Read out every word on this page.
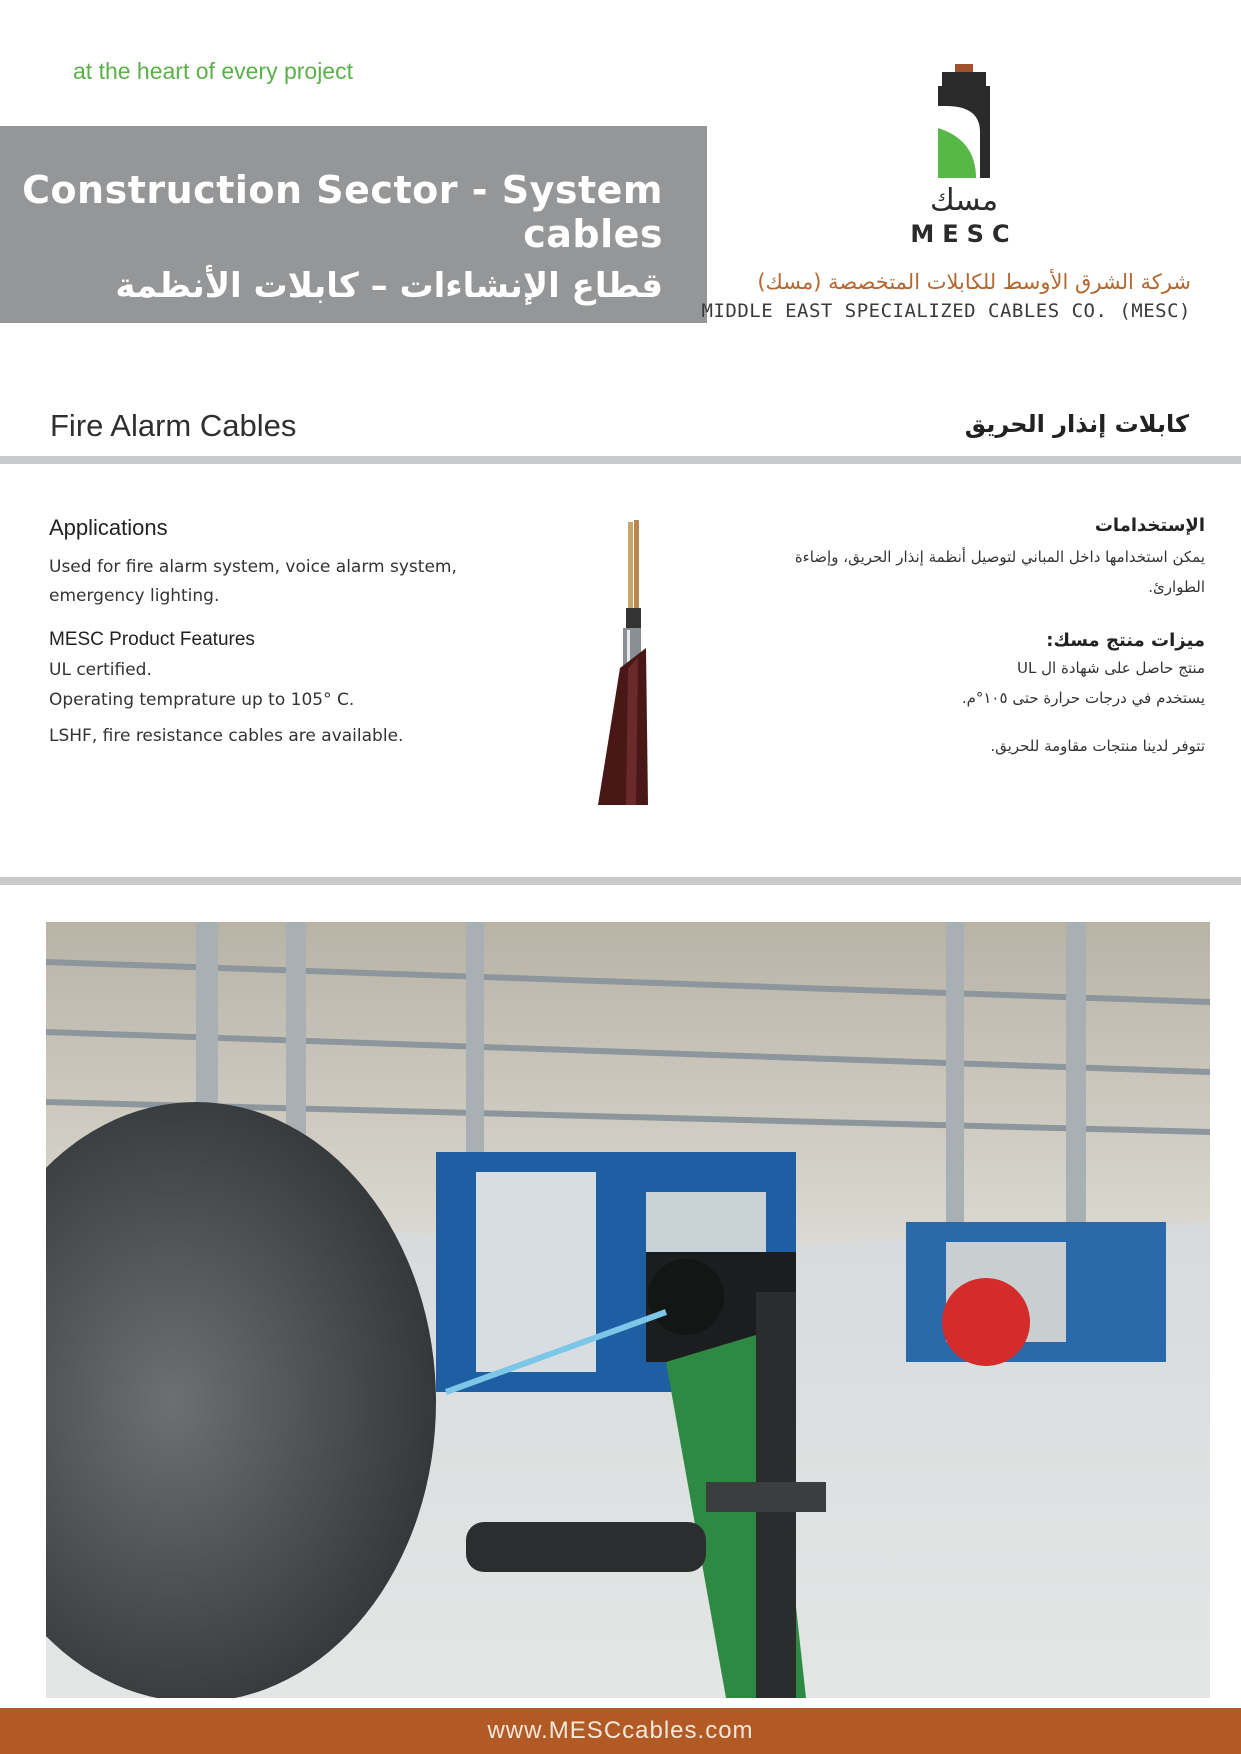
at the heart of every project
Construction Sector - System cables
قطاع الإنشاءات – كابلات الأنظمة
مسك
MESC
شركة الشرق الأوسط للكابلات المتخصصة (مسك)
MIDDLE EAST SPECIALIZED CABLES CO. (MESC)
Fire Alarm Cables	كابلات إنذار الحريق
Applications
Used for fire alarm system, voice alarm system, emergency lighting.
MESC Product Features
UL certified.
Operating temprature up to 105° C.
LSHF, fire resistance cables are available.
الإستخدامات
يمكن استخدامها داخل المباني لتوصيل أنظمة إنذار الحريق، وإضاءة الطوارئ.
ميزات منتج مسك:
منتج حاصل على شهادة ال UL
يستخدم في درجات حرارة حتى ١٠٥°م.
تتوفر لدينا منتجات مقاومة للحريق.
www.MESCcables.com
